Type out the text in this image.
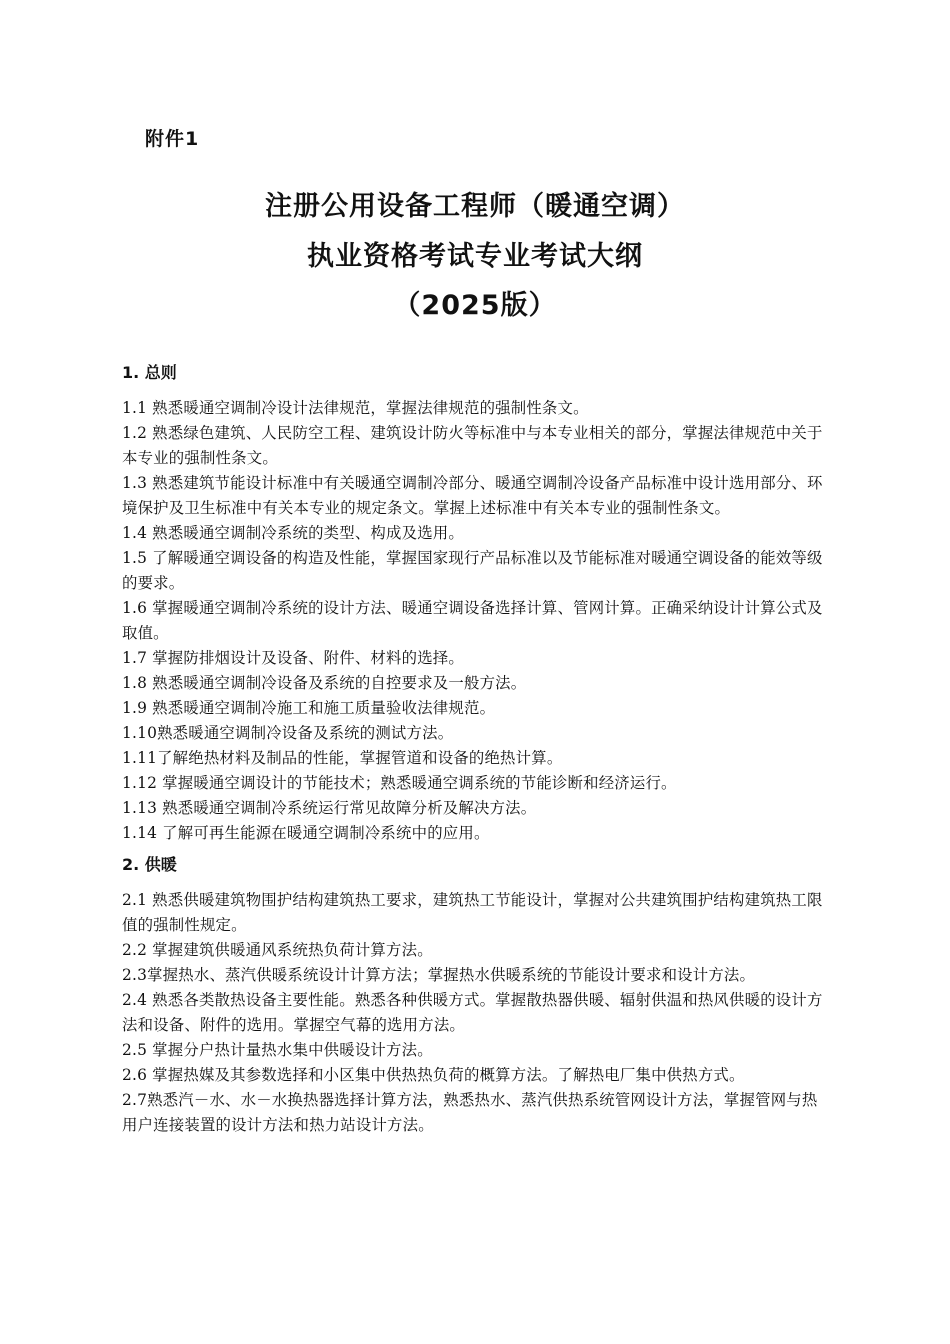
附件1
注册公用设备工程师（暖通空调）
执业资格考试专业考试大纲
（2025版）
1. 总则

1.1 熟悉暖通空调制冷设计法律规范，掌握法律规范的强制性条文。

1.2 熟悉绿色建筑、人民防空工程、建筑设计防火等标准中与本专业相关的部分，掌握法律规范中关于本专业的强制性条文。

1.3 熟悉建筑节能设计标准中有关暖通空调制冷部分、暖通空调制冷设备产品标准中设计选用部分、环境保护及卫生标准中有关本专业的规定条文。掌握上述标准中有关本专业的强制性条文。

1.4 熟悉暖通空调制冷系统的类型、构成及选用。

1.5 了解暖通空调设备的构造及性能，掌握国家现行产品标准以及节能标准对暖通空调设备的能效等级的要求。

1.6 掌握暖通空调制冷系统的设计方法、暖通空调设备选择计算、管网计算。正确采纳设计计算公式及取值。

1.7 掌握防排烟设计及设备、附件、材料的选择。

1.8 熟悉暖通空调制冷设备及系统的自控要求及一般方法。

1.9 熟悉暖通空调制冷施工和施工质量验收法律规范。

1.10熟悉暖通空调制冷设备及系统的测试方法。

1.11了解绝热材料及制品的性能，掌握管道和设备的绝热计算。

1.12 掌握暖通空调设计的节能技术；熟悉暖通空调系统的节能诊断和经济运行。

1.13 熟悉暖通空调制冷系统运行常见故障分析及解决方法。

1.14 了解可再生能源在暖通空调制冷系统中的应用。

2. 供暖

2.1 熟悉供暖建筑物围护结构建筑热工要求，建筑热工节能设计，掌握对公共建筑围护结构建筑热工限值的强制性规定。

2.2 掌握建筑供暖通风系统热负荷计算方法。

2.3掌握热水、蒸汽供暖系统设计计算方法；掌握热水供暖系统的节能设计要求和设计方法。

2.4 熟悉各类散热设备主要性能。熟悉各种供暖方式。掌握散热器供暖、辐射供温和热风供暖的设计方法和设备、附件的选用。掌握空气幕的选用方法。

2.5 掌握分户热计量热水集中供暖设计方法。

2.6 掌握热媒及其参数选择和小区集中供热热负荷的概算方法。了解热电厂集中供热方式。

2.7熟悉汽－水、水－水换热器选择计算方法，熟悉热水、蒸汽供热系统管网设计方法，掌握管网与热用户连接装置的设计方法和热力站设计方法。
